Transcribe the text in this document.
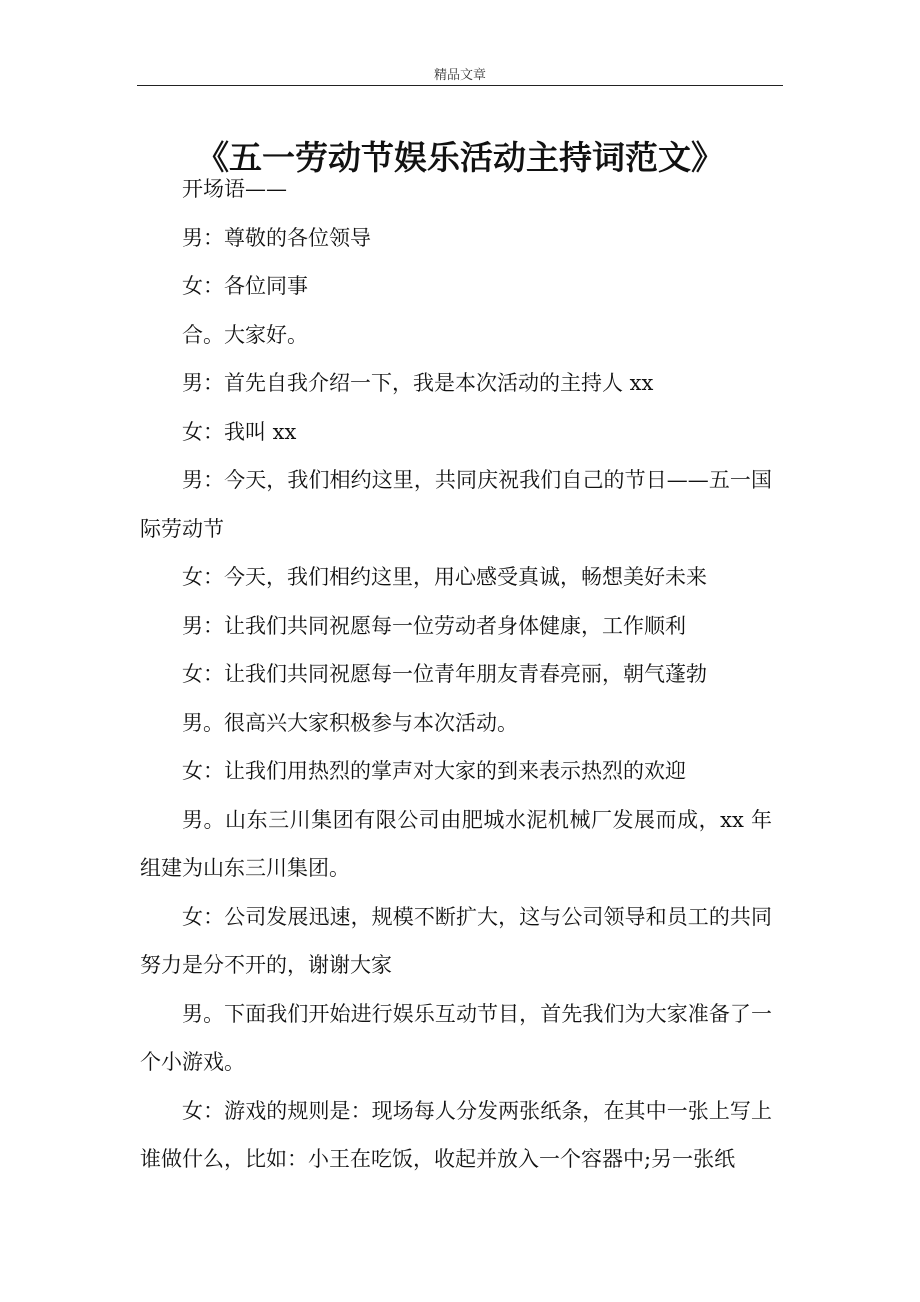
精品文章
《五一劳动节娱乐活动主持词范文》

开场语——

男：尊敬的各位领导

女：各位同事

合。大家好。

男：首先自我介绍一下，我是本次活动的主持人 xx

女：我叫 xx

男：今天，我们相约这里，共同庆祝我们自己的节日——五一国际劳动节

女：今天，我们相约这里，用心感受真诚，畅想美好未来

男：让我们共同祝愿每一位劳动者身体健康，工作顺利

女：让我们共同祝愿每一位青年朋友青春亮丽，朝气蓬勃

男。很高兴大家积极参与本次活动。

女：让我们用热烈的掌声对大家的到来表示热烈的欢迎

男。山东三川集团有限公司由肥城水泥机械厂发展而成，xx 年组建为山东三川集团。

女：公司发展迅速，规模不断扩大，这与公司领导和员工的共同努力是分不开的，谢谢大家

男。下面我们开始进行娱乐互动节目，首先我们为大家准备了一个小游戏。

女：游戏的规则是：现场每人分发两张纸条，在其中一张上写上谁做什么，比如：小王在吃饭，收起并放入一个容器中;另一张纸
